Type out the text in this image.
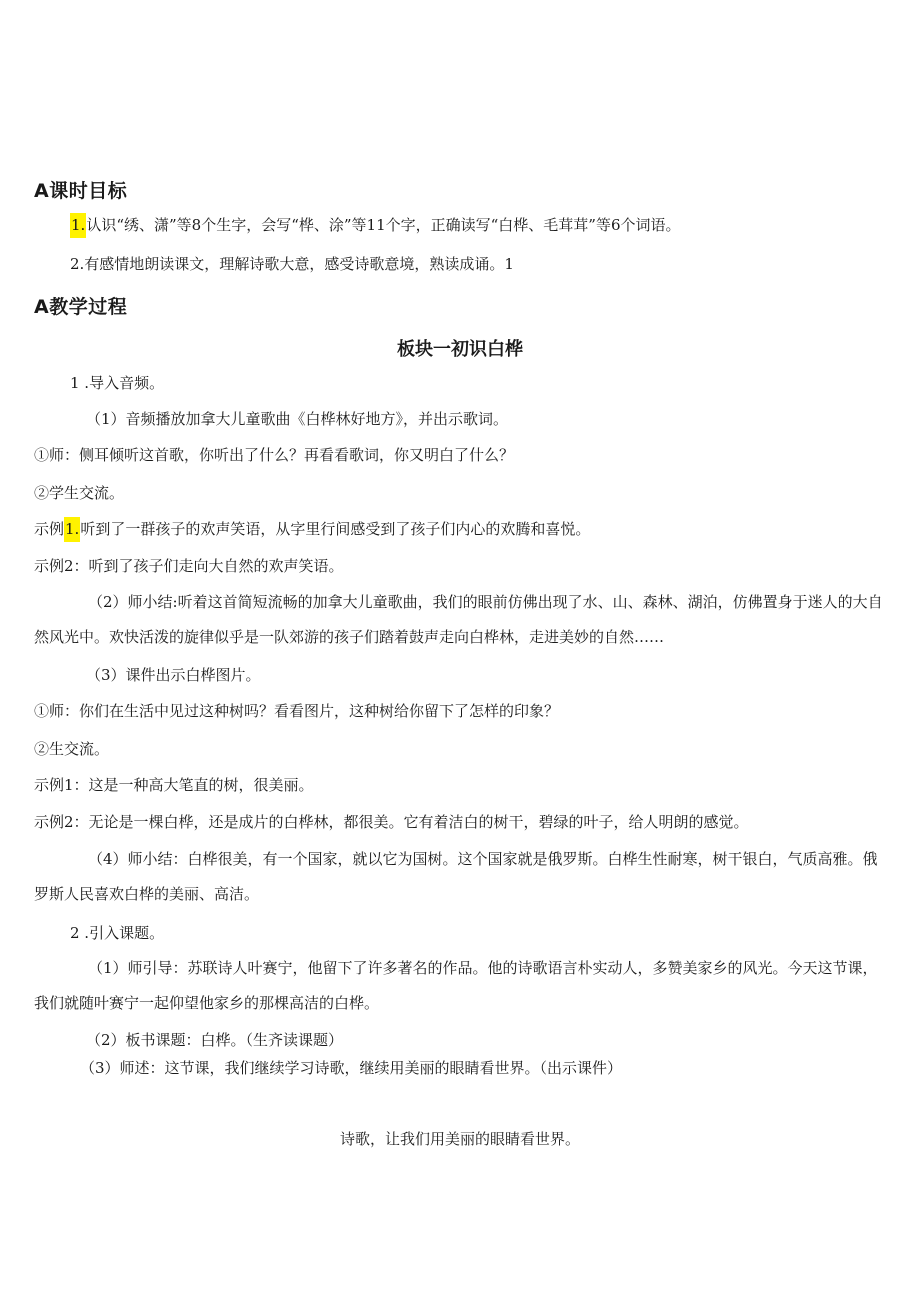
A课时目标
1.认识“绣、潇”等8个生字，会写“桦、涂”等11个字，正确读写“白桦、毛茸茸”等6个词语。
2.有感情地朗读课文，理解诗歌大意，感受诗歌意境，熟读成诵。1
A教学过程
板块一初识白桦
1 .导入音频。
（1）音频播放加拿大儿童歌曲《白桦林好地方》，并出示歌词。
①师：侧耳倾听这首歌，你听出了什么？再看看歌词，你又明白了什么？
②学生交流。
示例1.听到了一群孩子的欢声笑语，从字里行间感受到了孩子们内心的欢腾和喜悦。
示例2：听到了孩子们走向大自然的欢声笑语。
（2）师小结:听着这首简短流畅的加拿大儿童歌曲，我们的眼前仿佛出现了水、山、森林、湖泊，仿佛置身于迷人的大自然风光中。欢快活泼的旋律似乎是一队郊游的孩子们踏着鼓声走向白桦林，走进美妙的自然……
（3）课件出示白桦图片。
①师：你们在生活中见过这种树吗？看看图片，这种树给你留下了怎样的印象？
②生交流。
示例1：这是一种高大笔直的树，很美丽。
示例2：无论是一棵白桦，还是成片的白桦林，都很美。它有着洁白的树干，碧绿的叶子，给人明朗的感觉。
（4）师小结：白桦很美，有一个国家，就以它为国树。这个国家就是俄罗斯。白桦生性耐寒，树干银白，气质高雅。俄罗斯人民喜欢白桦的美丽、高洁。
2 .引入课题。
（1）师引导：苏联诗人叶赛宁，他留下了许多著名的作品。他的诗歌语言朴实动人，多赞美家乡的风光。今天这节课，我们就随叶赛宁一起仰望他家乡的那棵高洁的白桦。
（2）板书课题：白桦。（生齐读课题）
（3）师述：这节课，我们继续学习诗歌，继续用美丽的眼睛看世界。（出示课件）
诗歌，让我们用美丽的眼睛看世界。
